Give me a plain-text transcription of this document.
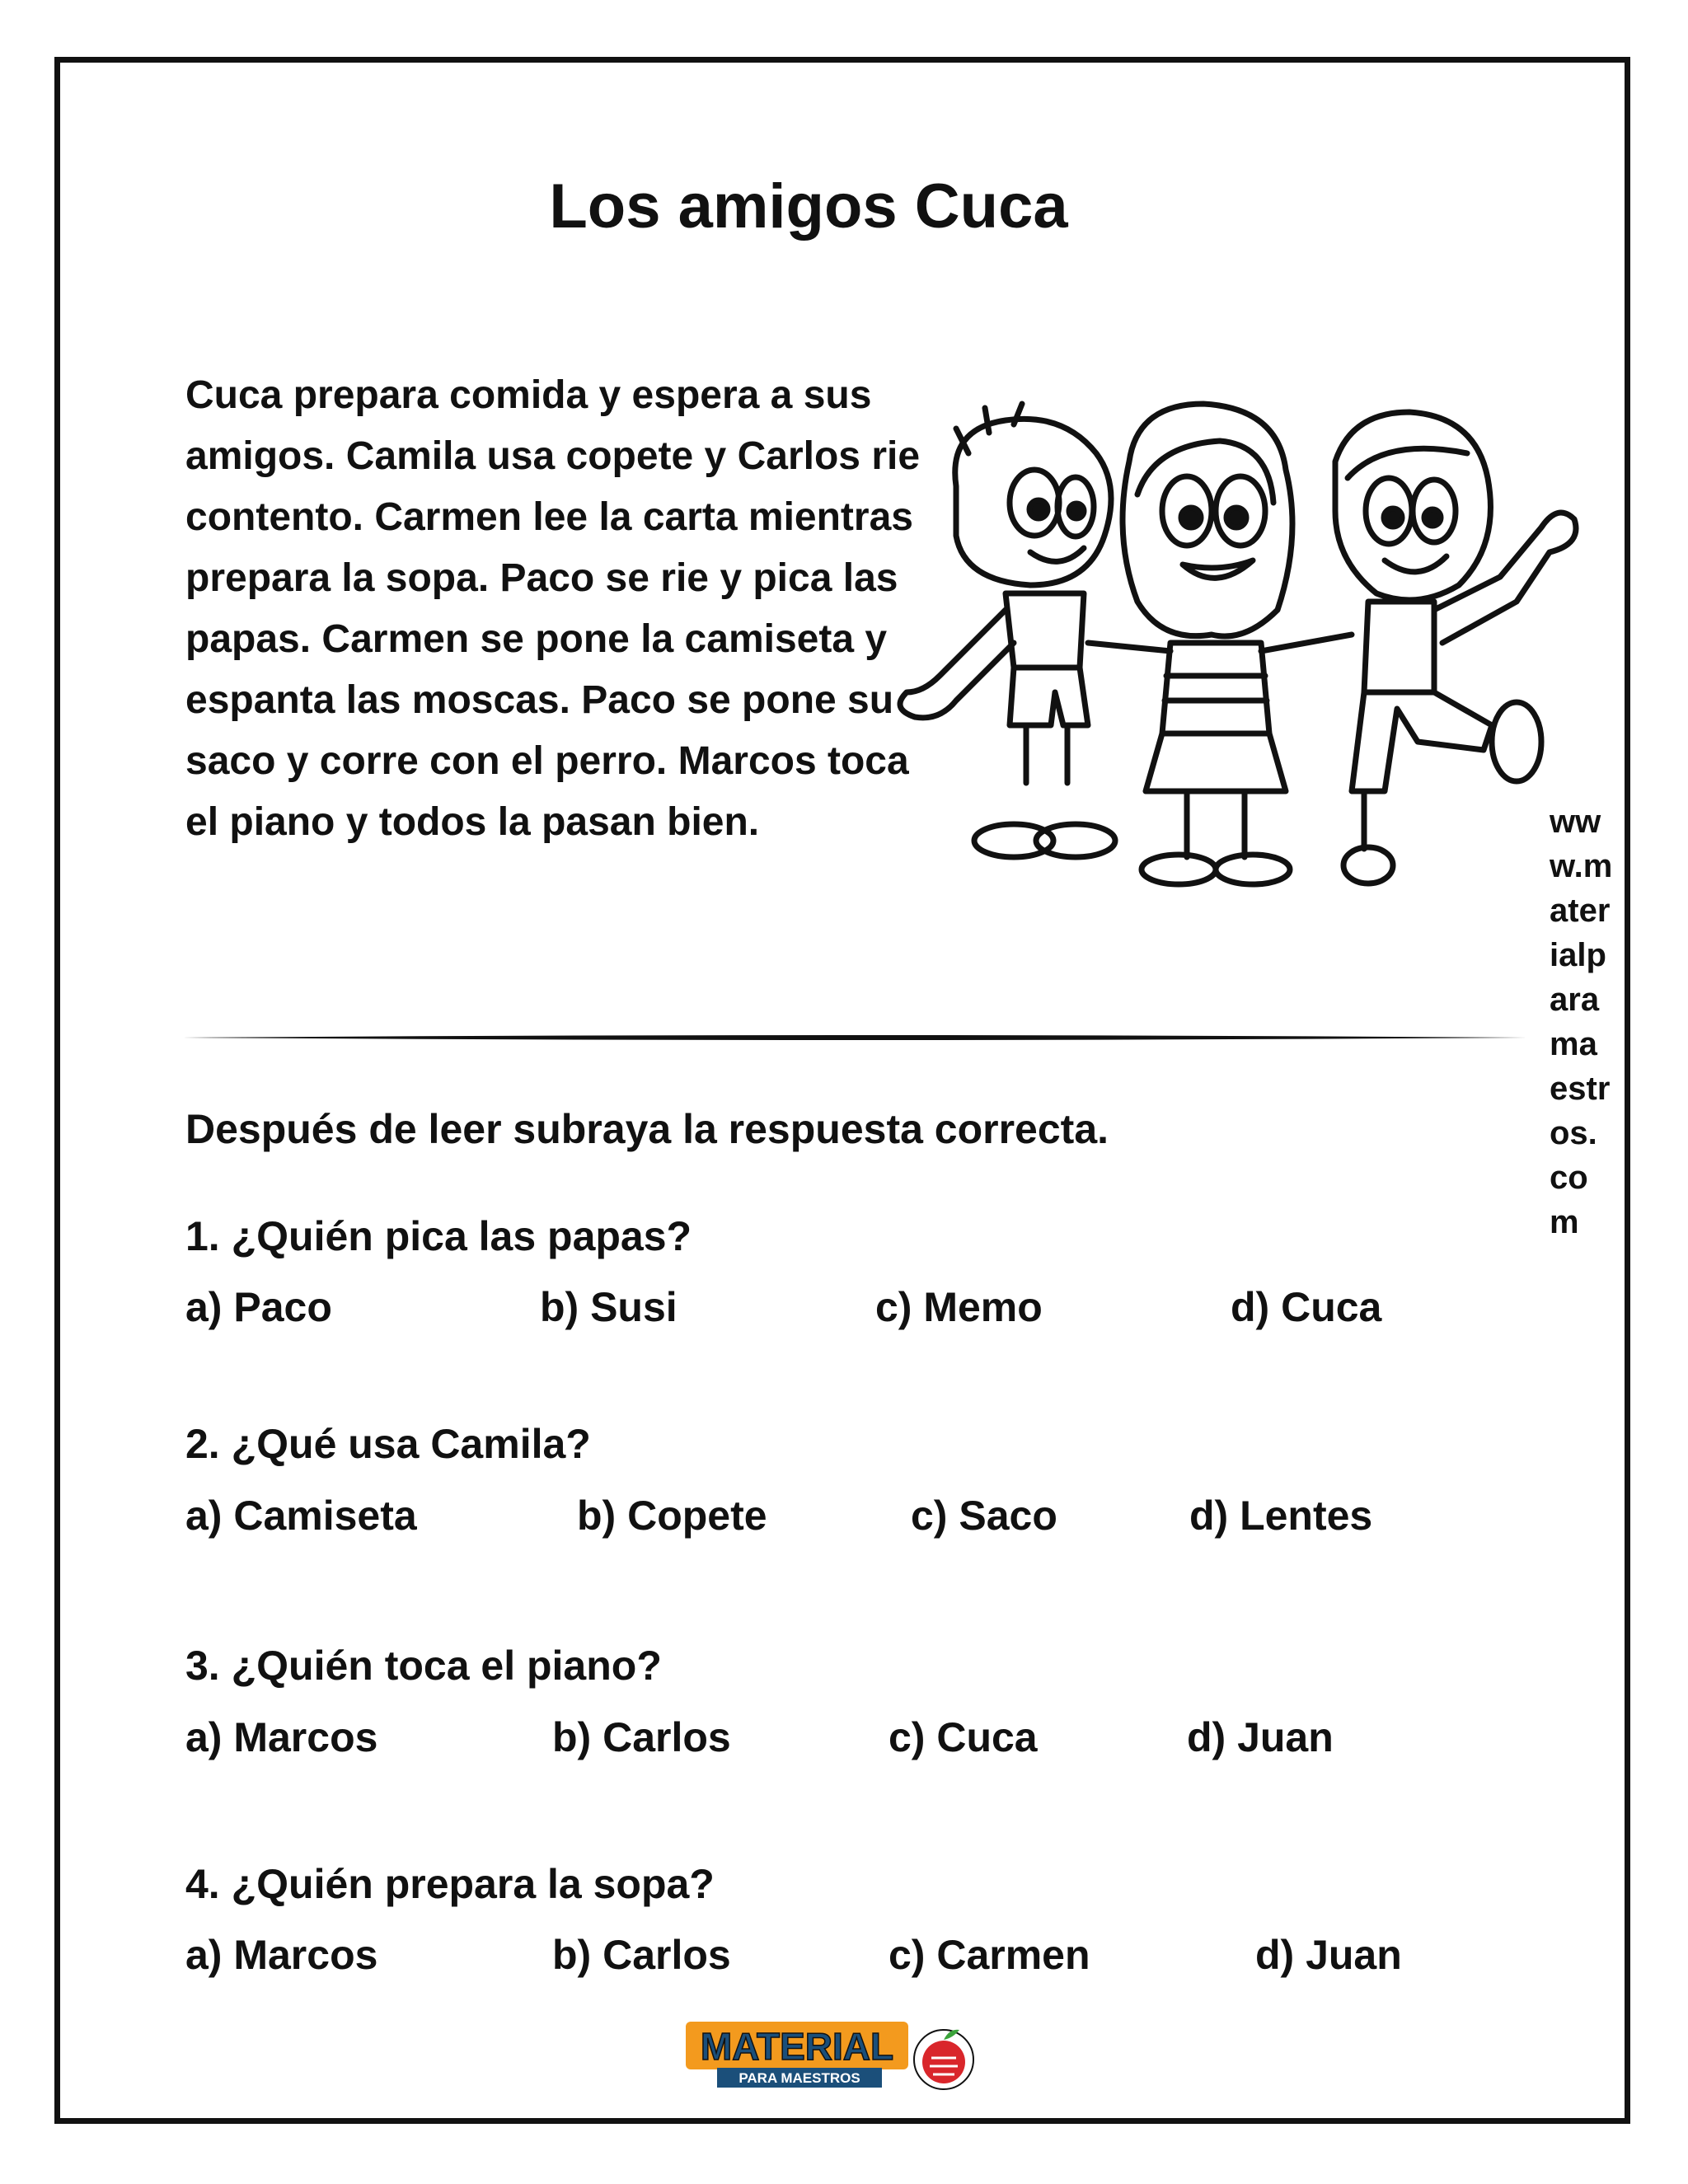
Los amigos Cuca

Cuca prepara comida y espera a sus amigos. Camila usa copete y Carlos rie contento. Carmen lee la carta mientras prepara la sopa. Paco se rie y pica las papas. Carmen se pone la camiseta y espanta las moscas. Paco se pone su saco y corre con el perro. Marcos toca el piano y todos la pasan bien.

Después de leer subraya la respuesta correcta.
1. ¿Quién pica las papas?
a) Paco	b) Susi	c) Memo	d) Cuca
2. ¿Qué usa Camila?
a) Camiseta	b) Copete	c) Saco	d) Lentes
3. ¿Quién toca el piano?
a) Marcos	b) Carlos	c) Cuca	d) Juan
4. ¿Quién prepara la sopa?
a) Marcos	b) Carlos	c) Carmen	d) Juan
www.materialparamaestros.com
MATERIAL
PARA MAESTROS
